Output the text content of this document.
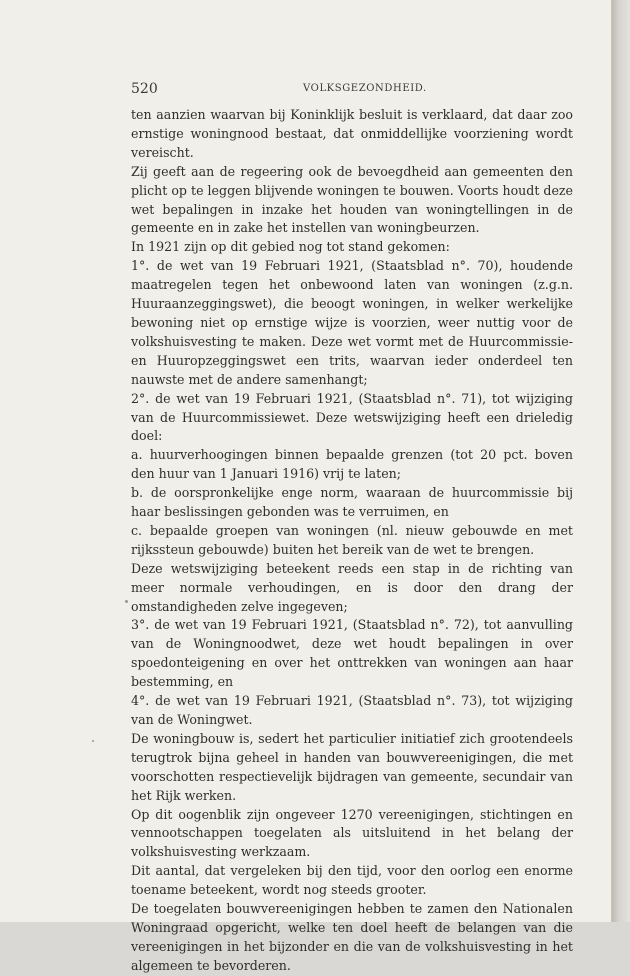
520	VOLKSGEZONDHEID.

ten aanzien waarvan bij Koninklijk besluit is verklaard, dat daar zoo ernstige woningnood bestaat, dat onmiddellijke voorziening wordt vereischt.

Zij geeft aan de regeering ook de bevoegdheid aan gemeenten den plicht op te leggen blijvende woningen te bouwen. Voorts houdt deze wet bepalingen in inzake het houden van woningtellingen in de gemeente en in zake het instellen van woningbeurzen.

In 1921 zijn op dit gebied nog tot stand gekomen:

1°. de wet van 19 Februari 1921, (Staatsblad n°. 70), houdende maatregelen tegen het onbewoond laten van woningen (z.g.n. Huuraanzeggingswet), die beoogt woningen, in welker werkelijke bewoning niet op ernstige wijze is voorzien, weer nuttig voor de volkshuisvesting te maken. Deze wet vormt met de Huurcommissie- en Huuropzeggingswet een trits, waarvan ieder onderdeel ten nauwste met de andere samenhangt;

2°. de wet van 19 Februari 1921, (Staatsblad n°. 71), tot wijziging van de Huurcommissiewet. Deze wetswijziging heeft een drieledig doel:

a. huurverhoogingen binnen bepaalde grenzen (tot 20 pct. boven den huur van 1 Januari 1916) vrij te laten;

b. de oorspronkelijke enge norm, waaraan de huurcommissie bij haar beslissingen gebonden was te verruimen, en

c. bepaalde groepen van woningen (nl. nieuw gebouwde en met rijkssteun gebouwde) buiten het bereik van de wet te brengen.

Deze wetswijziging beteekent reeds een stap in de richting van meer normale verhoudingen, en is door den drang der omstandigheden zelve ingegeven;

3°. de wet van 19 Februari 1921, (Staatsblad n°. 72), tot aanvulling van de Woningnoodwet, deze wet houdt bepalingen in over spoedonteigening en over het onttrekken van woningen aan haar bestemming, en

4°. de wet van 19 Februari 1921, (Staatsblad n°. 73), tot wijziging van de Woningwet.

De woningbouw is, sedert het particulier initiatief zich grootendeels terugtrok bijna geheel in handen van bouwvereenigingen, die met voorschotten respectievelijk bijdragen van gemeente, secundair van het Rijk werken.

Op dit oogenblik zijn ongeveer 1270 vereenigingen, stichtingen en vennootschappen toegelaten als uitsluitend in het belang der volkshuisvesting werkzaam.

Dit aantal, dat vergeleken bij den tijd, voor den oorlog een enorme toename beteekent, wordt nog steeds grooter.

De toegelaten bouwvereenigingen hebben te zamen den Nationalen Woningraad opgericht, welke ten doel heeft de belangen van die vereenigingen in het bijzonder en die van de volkshuisvesting in het algemeen te bevorderen.
